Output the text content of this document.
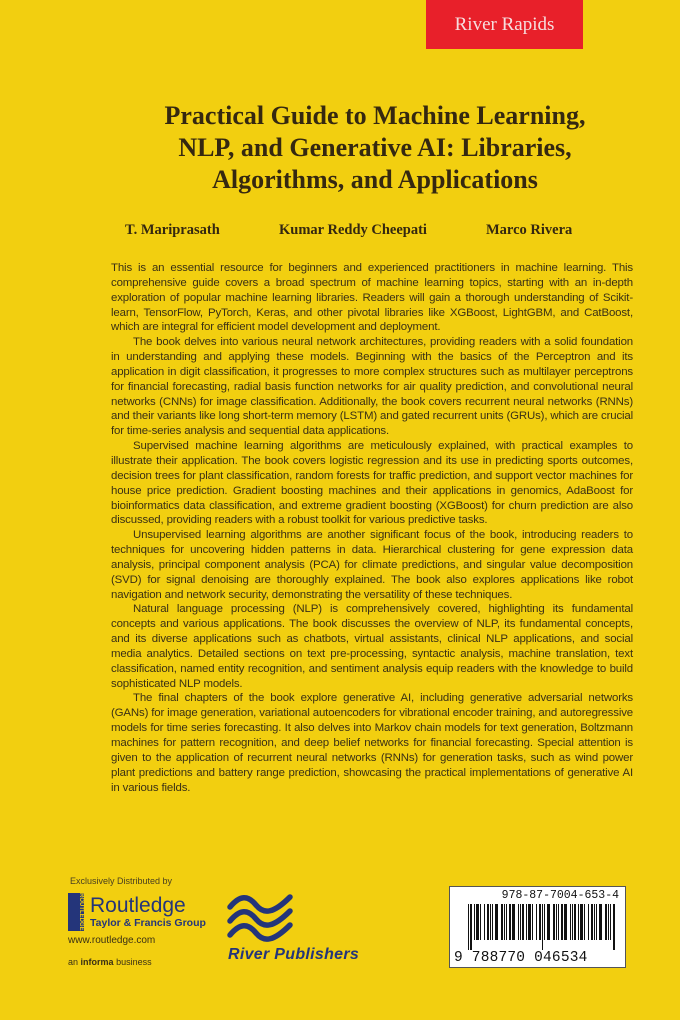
River Rapids
Practical Guide to Machine Learning,
NLP, and Generative AI: Libraries,
Algorithms, and Applications
T. Mariprasath	Kumar Reddy Cheepati	Marco Rivera

This is an essential resource for beginners and experienced practitioners in machine learning. This comprehensive guide covers a broad spectrum of machine learning topics, starting with an in-depth exploration of popular machine learning libraries. Readers will gain a thorough understanding of Scikit-learn, TensorFlow, PyTorch, Keras, and other pivotal libraries like XGBoost, LightGBM, and CatBoost, which are integral for efficient model development and deployment.

The book delves into various neural network architectures, providing readers with a solid foundation in understanding and applying these models. Beginning with the basics of the Perceptron and its application in digit classification, it progresses to more complex structures such as multilayer perceptrons for financial forecasting, radial basis function networks for air quality prediction, and convolutional neural networks (CNNs) for image classification. Additionally, the book covers recurrent neural networks (RNNs) and their variants like long short-term memory (LSTM) and gated recurrent units (GRUs), which are crucial for time-series analysis and sequential data applications.

Supervised machine learning algorithms are meticulously explained, with practical examples to illustrate their application. The book covers logistic regression and its use in predicting sports outcomes, decision trees for plant classification, random forests for traffic prediction, and support vector machines for house price prediction. Gradient boosting machines and their applications in genomics, AdaBoost for bioinformatics data classification, and extreme gradient boosting (XGBoost) for churn prediction are also discussed, providing readers with a robust toolkit for various predictive tasks.

Unsupervised learning algorithms are another significant focus of the book, introducing readers to techniques for uncovering hidden patterns in data. Hierarchical clustering for gene expression data analysis, principal component analysis (PCA) for climate predictions, and singular value decomposition (SVD) for signal denoising are thoroughly explained. The book also explores applications like robot navigation and network security, demonstrating the versatility of these techniques.

Natural language processing (NLP) is comprehensively covered, highlighting its fundamental concepts and various applications. The book discusses the overview of NLP, its fundamental concepts, and its diverse applications such as chatbots, virtual assistants, clinical NLP applications, and social media analytics. Detailed sections on text pre-processing, syntactic analysis, machine translation, text classification, named entity recognition, and sentiment analysis equip readers with the knowledge to build sophisticated NLP models.

The final chapters of the book explore generative AI, including generative adversarial networks (GANs) for image generation, variational autoencoders for vibrational encoder training, and autoregressive models for time series forecasting. It also delves into Markov chain models for text generation, Boltzmann machines for pattern recognition, and deep belief networks for financial forecasting. Special attention is given to the application of recurrent neural networks (RNNs) for generation tasks, such as wind power plant predictions and battery range prediction, showcasing the practical implementations of generative AI in various fields.

Exclusively Distributed by
ROUTLEDGE Routledge
Taylor & Francis Group
www.routledge.com
an informa business	River Publishers
978-87-7004-653-4
9 788770 046534
